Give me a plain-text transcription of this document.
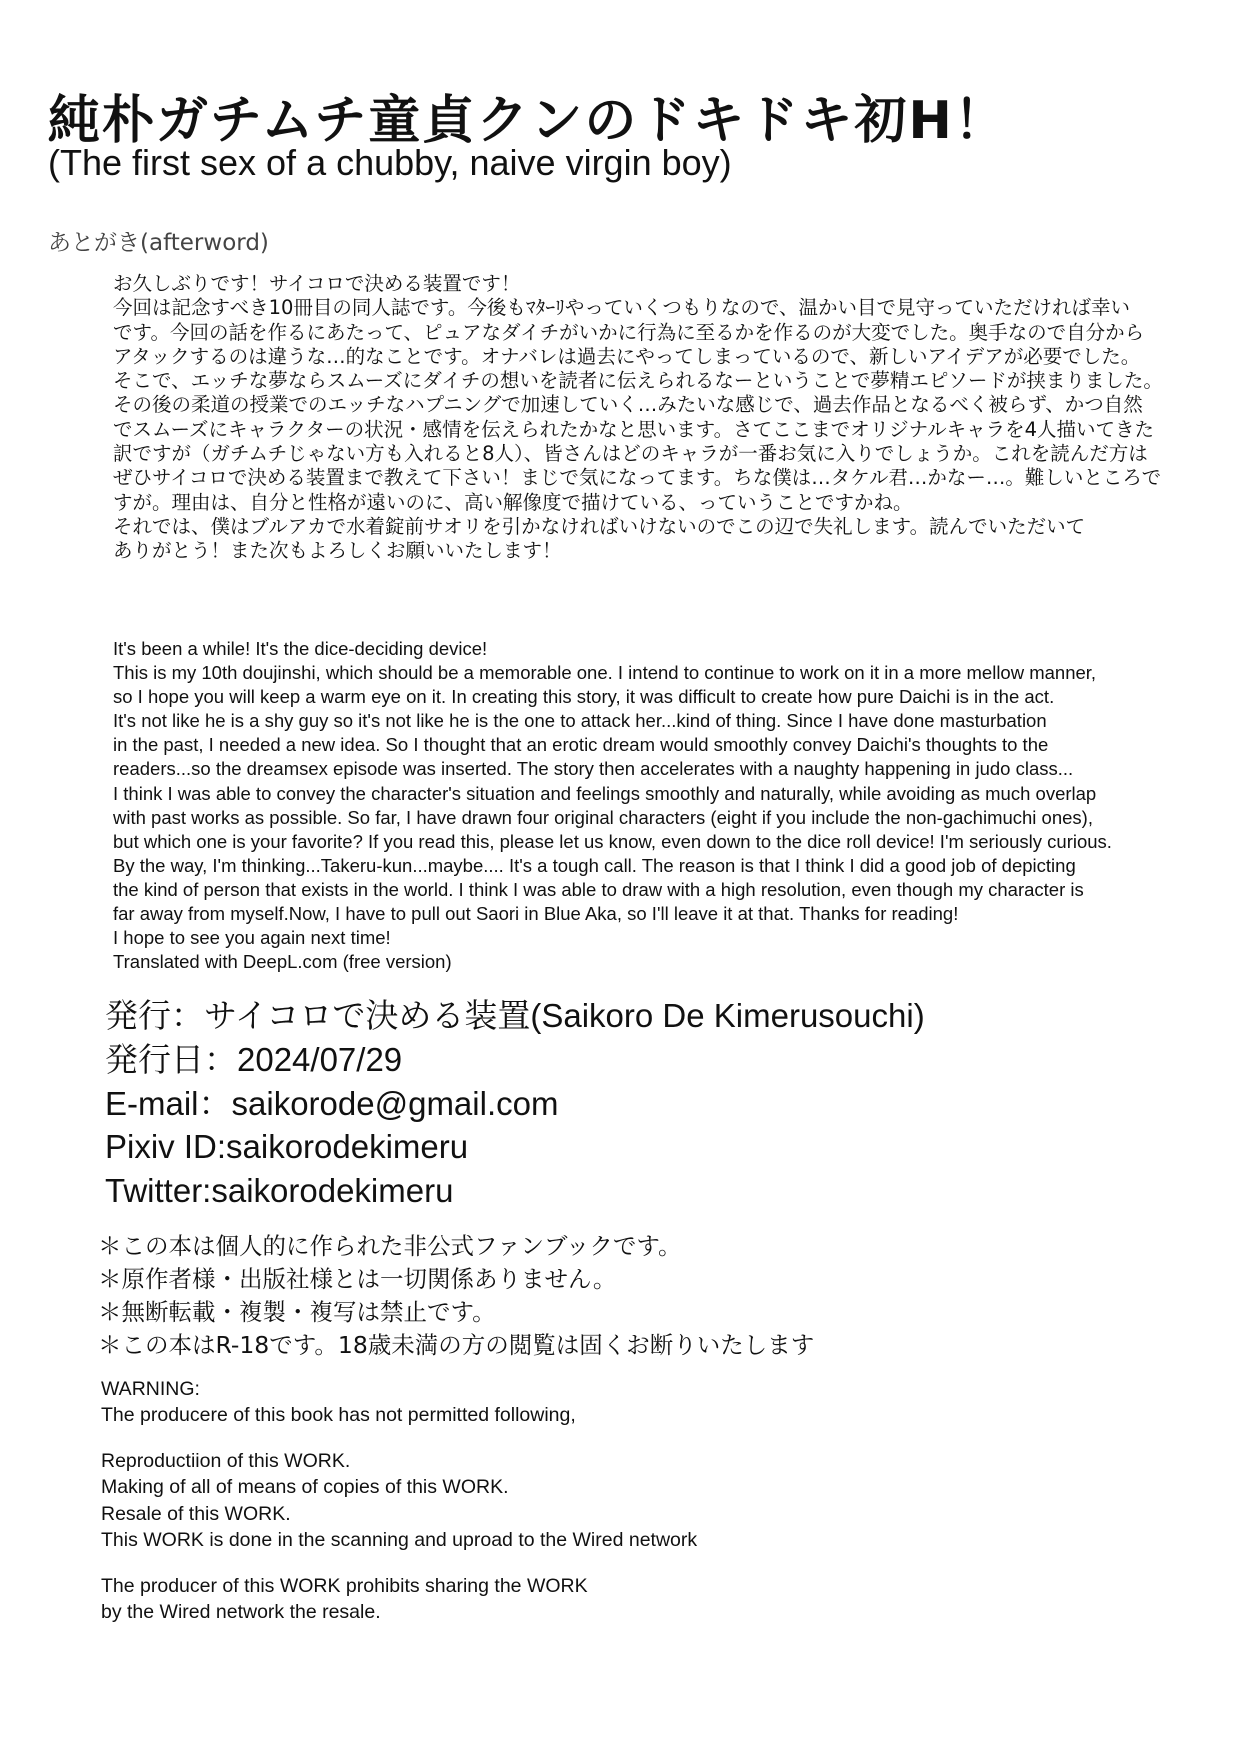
純朴ガチムチ童貞クンのドキドキ初H！
(The first sex of a chubby, naive virgin boy)
あとがき(afterword)
お久しぶりです！サイコロで決める装置です！
今回は記念すべき10冊目の同人誌です。今後もﾏﾀｰﾘやっていくつもりなので、温かい目で見守っていただければ幸い
です。今回の話を作るにあたって、ピュアなダイチがいかに行為に至るかを作るのが大変でした。奥手なので自分から
アタックするのは違うな…的なことです。オナバレは過去にやってしまっているので、新しいアイデアが必要でした。
そこで、エッチな夢ならスムーズにダイチの想いを読者に伝えられるなーということで夢精エピソードが挟まりました。
その後の柔道の授業でのエッチなハプニングで加速していく…みたいな感じで、過去作品となるべく被らず、かつ自然
でスムーズにキャラクターの状況・感情を伝えられたかなと思います。さてここまでオリジナルキャラを4人描いてきた
訳ですが（ガチムチじゃない方も入れると8人）、皆さんはどのキャラが一番お気に入りでしょうか。これを読んだ方は
ぜひサイコロで決める装置まで教えて下さい！まじで気になってます。ちな僕は…タケル君…かなー…。難しいところで
すが。理由は、自分と性格が遠いのに、高い解像度で描けている、っていうことですかね。
それでは、僕はブルアカで水着錠前サオリを引かなければいけないのでこの辺で失礼します。読んでいただいて
ありがとう！また次もよろしくお願いいたします！
It's been a while! It's the dice-deciding device!
This is my 10th doujinshi, which should be a memorable one. I intend to continue to work on it in a more mellow manner,
so I hope you will keep a warm eye on it. In creating this story, it was difficult to create how pure Daichi is in the act.
It's not like he is a shy guy so it's not like he is the one to attack her...kind of thing. Since I have done masturbation
in the past, I needed a new idea. So I thought that an erotic dream would smoothly convey Daichi's thoughts to the
readers...so the dreamsex episode was inserted. The story then accelerates with a naughty happening in judo class...
I think I was able to convey the character's situation and feelings smoothly and naturally, while avoiding as much overlap
with past works as possible. So far, I have drawn four original characters (eight if you include the non-gachimuchi ones),
but which one is your favorite? If you read this, please let us know, even down to the dice roll device! I'm seriously curious.
By the way, I'm thinking...Takeru-kun...maybe.... It's a tough call. The reason is that I think I did a good job of depicting
the kind of person that exists in the world. I think I was able to draw with a high resolution, even though my character is
far away from myself.Now, I have to pull out Saori in Blue Aka, so I'll leave it at that. Thanks for reading!
I hope to see you again next time!
Translated with DeepL.com (free version)
発行：サイコロで決める装置(Saikoro De Kimerusouchi)
発行日：2024/07/29
E-mail：saikorode@gmail.com
Pixiv ID:saikorodekimeru
Twitter:saikorodekimeru
＊この本は個人的に作られた非公式ファンブックです。
＊原作者様・出版社様とは一切関係ありません。
＊無断転載・複製・複写は禁止です。
＊この本はR-18です。18歳未満の方の閲覧は固くお断りいたします
WARNING:
The producere of this book has not permitted following,
Reproductiion of this WORK.
Making of all of means of copies of this WORK.
Resale of this WORK.
This WORK is done in the scanning and uproad to the Wired network
The producer of this WORK prohibits sharing the WORK
by the Wired network the resale.
